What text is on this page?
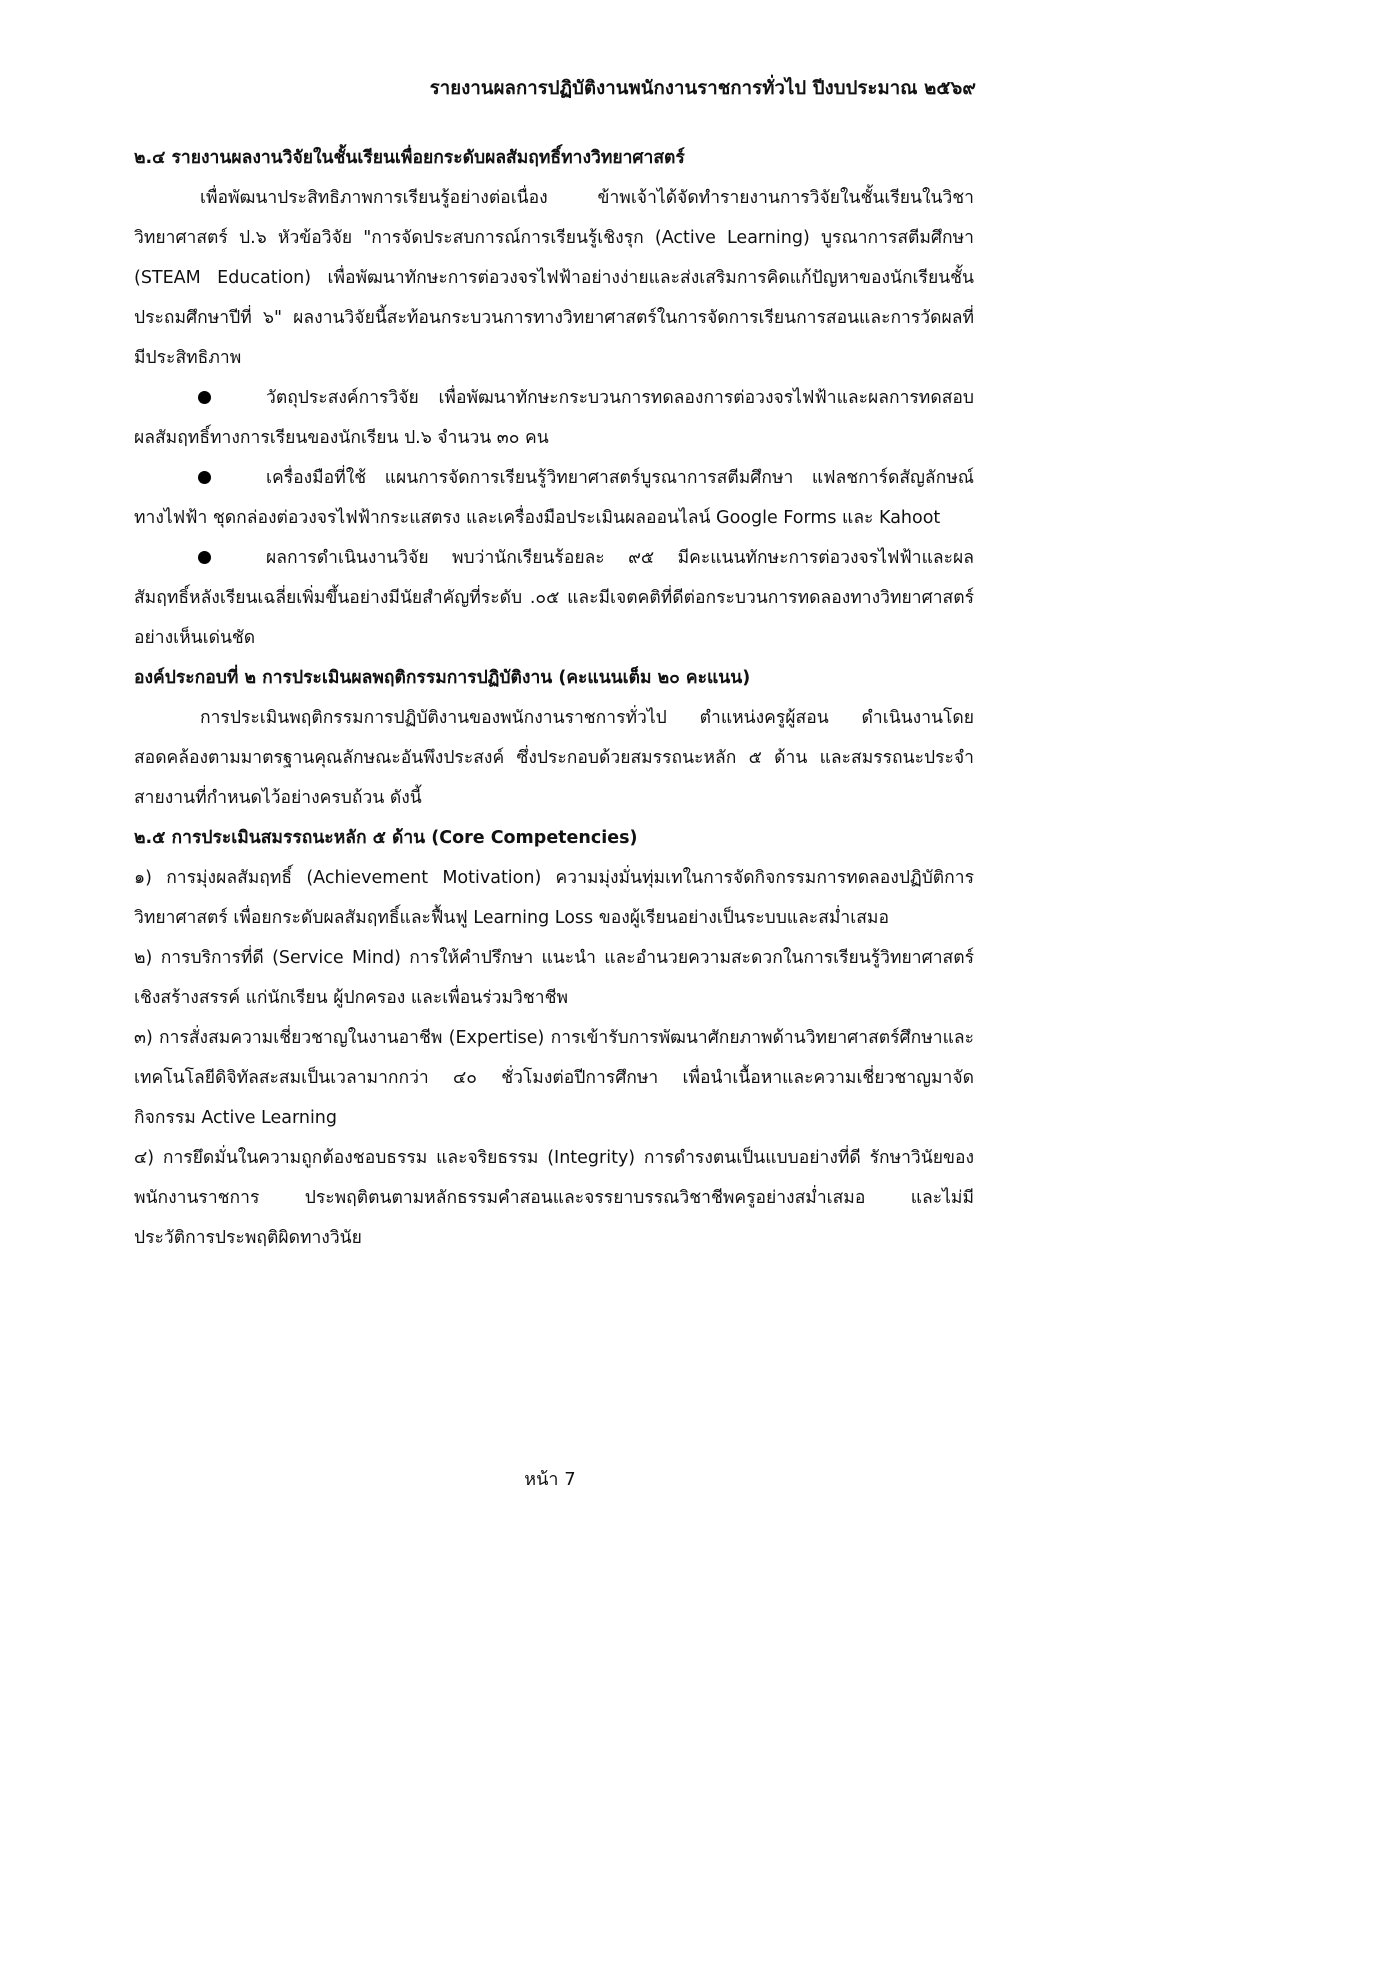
รายงานผลการปฏิบัติงานพนักงานราชการทั่วไป ปีงบประมาณ ๒๕๖๙

๒.๔ รายงานผลงานวิจัยในชั้นเรียนเพื่อยกระดับผลสัมฤทธิ์ทางวิทยาศาสตร์

เพื่อพัฒนาประสิทธิภาพการเรียนรู้อย่างต่อเนื่อง ข้าพเจ้าได้จัดทำรายงานการวิจัยในชั้นเรียนในวิชาวิทยาศาสตร์ ป.๖ หัวข้อวิจัย "การจัดประสบการณ์การเรียนรู้เชิงรุก (Active Learning) บูรณาการสตีมศึกษา (STEAM Education) เพื่อพัฒนาทักษะการต่อวงจรไฟฟ้าอย่างง่ายและส่งเสริมการคิดแก้ปัญหาของนักเรียนชั้นประถมศึกษาปีที่ ๖" ผลงานวิจัยนี้สะท้อนกระบวนการทางวิทยาศาสตร์ในการจัดการเรียนการสอนและการวัดผลที่มีประสิทธิภาพ

วัตถุประสงค์การวิจัย เพื่อพัฒนาทักษะกระบวนการทดลองการต่อวงจรไฟฟ้าและผลการทดสอบผลสัมฤทธิ์ทางการเรียนของนักเรียน ป.๖ จำนวน ๓๐ คน
เครื่องมือที่ใช้ แผนการจัดการเรียนรู้วิทยาศาสตร์บูรณาการสตีมศึกษา แฟลชการ์ดสัญลักษณ์ทางไฟฟ้า ชุดกล่องต่อวงจรไฟฟ้ากระแสตรง และเครื่องมือประเมินผลออนไลน์ Google Forms และ Kahoot
ผลการดำเนินงานวิจัย พบว่านักเรียนร้อยละ ๙๕ มีคะแนนทักษะการต่อวงจรไฟฟ้าและผลสัมฤทธิ์หลังเรียนเฉลี่ยเพิ่มขึ้นอย่างมีนัยสำคัญที่ระดับ .๐๕ และมีเจตคติที่ดีต่อกระบวนการทดลองทางวิทยาศาสตร์อย่างเห็นเด่นชัด

องค์ประกอบที่ ๒ การประเมินผลพฤติกรรมการปฏิบัติงาน (คะแนนเต็ม ๒๐ คะแนน)

การประเมินพฤติกรรมการปฏิบัติงานของพนักงานราชการทั่วไป ตำแหน่งครูผู้สอน ดำเนินงานโดยสอดคล้องตามมาตรฐานคุณลักษณะอันพึงประสงค์ ซึ่งประกอบด้วยสมรรถนะหลัก ๕ ด้าน และสมรรถนะประจำสายงานที่กำหนดไว้อย่างครบถ้วน ดังนี้

๒.๕ การประเมินสมรรถนะหลัก ๕ ด้าน (Core Competencies)

๑) การมุ่งผลสัมฤทธิ์ (Achievement Motivation) ความมุ่งมั่นทุ่มเทในการจัดกิจกรรมการทดลองปฏิบัติการวิทยาศาสตร์ เพื่อยกระดับผลสัมฤทธิ์และฟื้นฟู Learning Loss ของผู้เรียนอย่างเป็นระบบและสม่ำเสมอ

๒) การบริการที่ดี (Service Mind) การให้คำปรึกษา แนะนำ และอำนวยความสะดวกในการเรียนรู้วิทยาศาสตร์เชิงสร้างสรรค์ แก่นักเรียน ผู้ปกครอง และเพื่อนร่วมวิชาชีพ

๓) การสั่งสมความเชี่ยวชาญในงานอาชีพ (Expertise) การเข้ารับการพัฒนาศักยภาพด้านวิทยาศาสตร์ศึกษาและเทคโนโลยีดิจิทัลสะสมเป็นเวลามากกว่า ๔๐ ชั่วโมงต่อปีการศึกษา เพื่อนำเนื้อหาและความเชี่ยวชาญมาจัดกิจกรรม Active Learning

๔) การยึดมั่นในความถูกต้องชอบธรรม และจริยธรรม (Integrity) การดำรงตนเป็นแบบอย่างที่ดี รักษาวินัยของพนักงานราชการ ประพฤติตนตามหลักธรรมคำสอนและจรรยาบรรณวิชาชีพครูอย่างสม่ำเสมอ และไม่มีประวัติการประพฤติผิดทางวินัย

หน้า 7
